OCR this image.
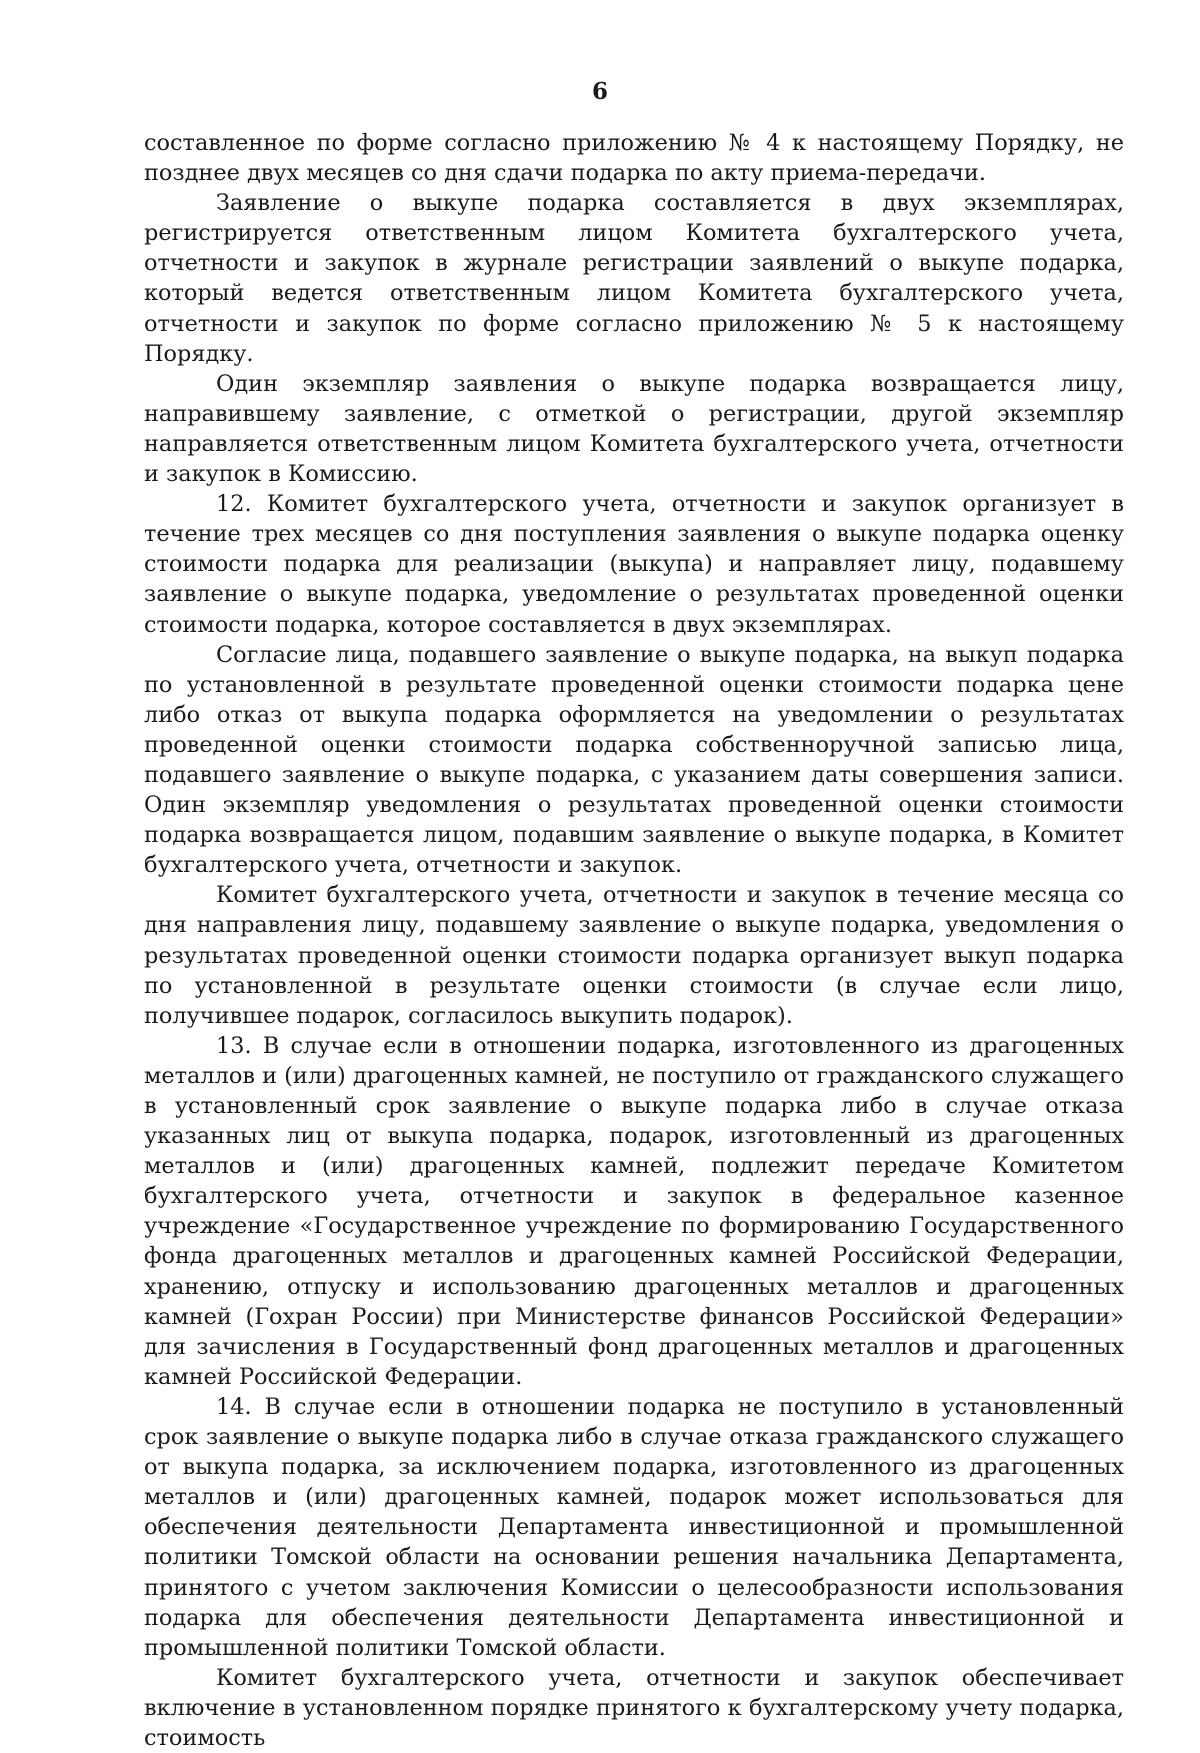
6

составленное по форме согласно приложению № 4 к настоящему Порядку, не позднее двух месяцев со дня сдачи подарка по акту приема-передачи.

Заявление о выкупе подарка составляется в двух экземплярах, регистрируется ответственным лицом Комитета бухгалтерского учета, отчетности и закупок в журнале регистрации заявлений о выкупе подарка, который ведется ответственным лицом Комитета бухгалтерского учета, отчетности и закупок по форме согласно приложению № 5 к настоящему Порядку.

Один экземпляр заявления о выкупе подарка возвращается лицу, направившему заявление, с отметкой о регистрации, другой экземпляр направляется ответственным лицом Комитета бухгалтерского учета, отчетности и закупок в Комиссию.

12. Комитет бухгалтерского учета, отчетности и закупок организует в течение трех месяцев со дня поступления заявления о выкупе подарка оценку стоимости подарка для реализации (выкупа) и направляет лицу, подавшему заявление о выкупе подарка, уведомление о результатах проведенной оценки стоимости подарка, которое составляется в двух экземплярах.

Согласие лица, подавшего заявление о выкупе подарка, на выкуп подарка по установленной в результате проведенной оценки стоимости подарка цене либо отказ от выкупа подарка оформляется на уведомлении о результатах проведенной оценки стоимости подарка собственноручной записью лица, подавшего заявление о выкупе подарка, с указанием даты совершения записи. Один экземпляр уведомления о результатах проведенной оценки стоимости подарка возвращается лицом, подавшим заявление о выкупе подарка, в Комитет бухгалтерского учета, отчетности и закупок.

Комитет бухгалтерского учета, отчетности и закупок в течение месяца со дня направления лицу, подавшему заявление о выкупе подарка, уведомления о результатах проведенной оценки стоимости подарка организует выкуп подарка по установленной в результате оценки стоимости (в случае если лицо, получившее подарок, согласилось выкупить подарок).

13. В случае если в отношении подарка, изготовленного из драгоценных металлов и (или) драгоценных камней, не поступило от гражданского служащего в установленный срок заявление о выкупе подарка либо в случае отказа указанных лиц от выкупа подарка, подарок, изготовленный из драгоценных металлов и (или) драгоценных камней, подлежит передаче Комитетом бухгалтерского учета, отчетности и закупок в федеральное казенное учреждение «Государственное учреждение по формированию Государственного фонда драгоценных металлов и драгоценных камней Российской Федерации, хранению, отпуску и использованию драгоценных металлов и драгоценных камней (Гохран России) при Министерстве финансов Российской Федерации» для зачисления в Государственный фонд драгоценных металлов и драгоценных камней Российской Федерации.

14. В случае если в отношении подарка не поступило в установленный срок заявление о выкупе подарка либо в случае отказа гражданского служащего от выкупа подарка, за исключением подарка, изготовленного из драгоценных металлов и (или) драгоценных камней, подарок может использоваться для обеспечения деятельности Департамента инвестиционной и промышленной политики Томской области на основании решения начальника Департамента, принятого с учетом заключения Комиссии о целесообразности использования подарка для обеспечения деятельности Департамента инвестиционной и промышленной политики Томской области.

Комитет бухгалтерского учета, отчетности и закупок обеспечивает включение в установленном порядке принятого к бухгалтерскому учету подарка, стоимость
